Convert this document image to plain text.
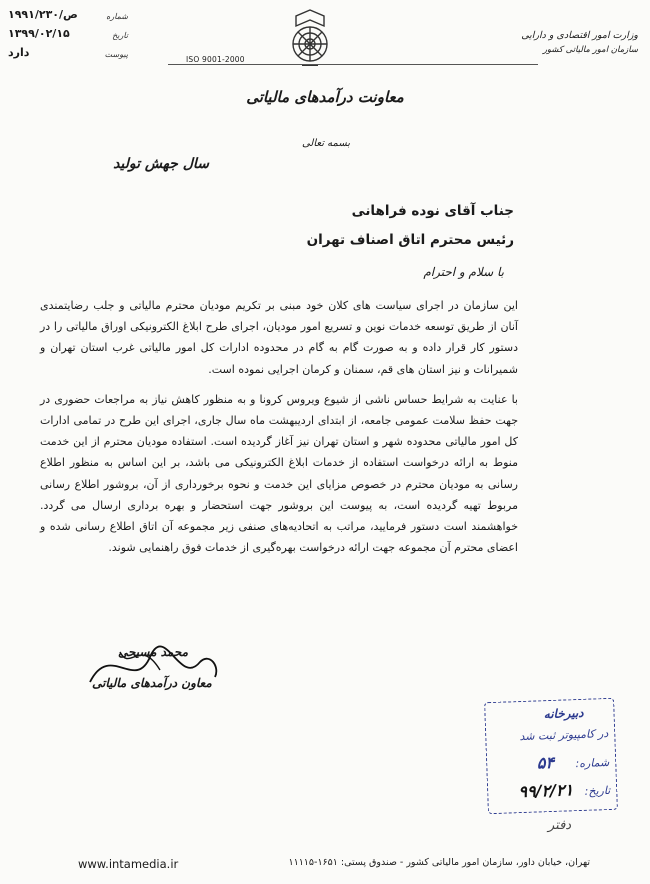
وزارت امور اقتصادی و دارایی
سازمان امور مالیاتی کشور
ISO 9001-2000
شماره
۱۹۹۱/۲۳۰/ص
تاریخ
۱۳۹۹/۰۲/۱۵
پیوست
دارد
معاونت درآمدهای مالیاتی
بسمه تعالی
سال جهش تولید
جناب آقای نوده فراهانی
رئیس محترم اتاق اصناف تهران
با سلام و احترام

این سازمان در اجرای سیاست های کلان خود مبنی بر تکریم مودیان محترم مالیاتی و جلب رضایتمندی آنان از طریق توسعه خدمات نوین و تسریع امور مودیان، اجرای طرح ابلاغ الکترونیکی اوراق مالیاتی را در دستور کار قرار داده و به صورت گام به گام در محدوده ادارات کل امور مالیاتی غرب استان تهران و شمیرانات و نیز استان های قم، سمنان و کرمان اجرایی نموده است.

با عنایت به شرایط حساس ناشی از شیوع ویروس کرونا و به منظور کاهش نیاز به مراجعات حضوری در جهت حفظ سلامت عمومی جامعه، از ابتدای اردیبهشت ماه سال جاری، اجرای این طرح در تمامی ادارات کل امور مالیاتی محدوده شهر و استان تهران نیز آغاز گردیده است. استفاده مودیان محترم از این خدمت منوط به ارائه درخواست استفاده از خدمات ابلاغ الکترونیکی می باشد، بر این اساس به منظور اطلاع رسانی به مودیان محترم در خصوص مزایای این خدمت و نحوه برخورداری از آن، بروشور اطلاع رسانی مربوط تهیه گردیده است، به پیوست این بروشور جهت استحضار و بهره برداری ارسال می گردد. خواهشمند است دستور فرمایید، مراتب به اتحادیه‌های صنفی زیر مجموعه آن اتاق اطلاع رسانی شده و اعضای محترم آن مجموعه جهت ارائه درخواست بهره‌گیری از خدمات فوق راهنمایی شوند.

محمد مسیحی
معاون درآمدهای مالیاتی
دبیرخانه
در کامپیوتر ثبت شد
شماره: ۵۴
تاریخ: ۹۹/۲/۲۱
دفتر
www.intamedia.ir	تهران، خیابان داور، سازمان امور مالیاتی کشور - صندوق پستی: ۱۶۵۱-۱۱۱۱۵
